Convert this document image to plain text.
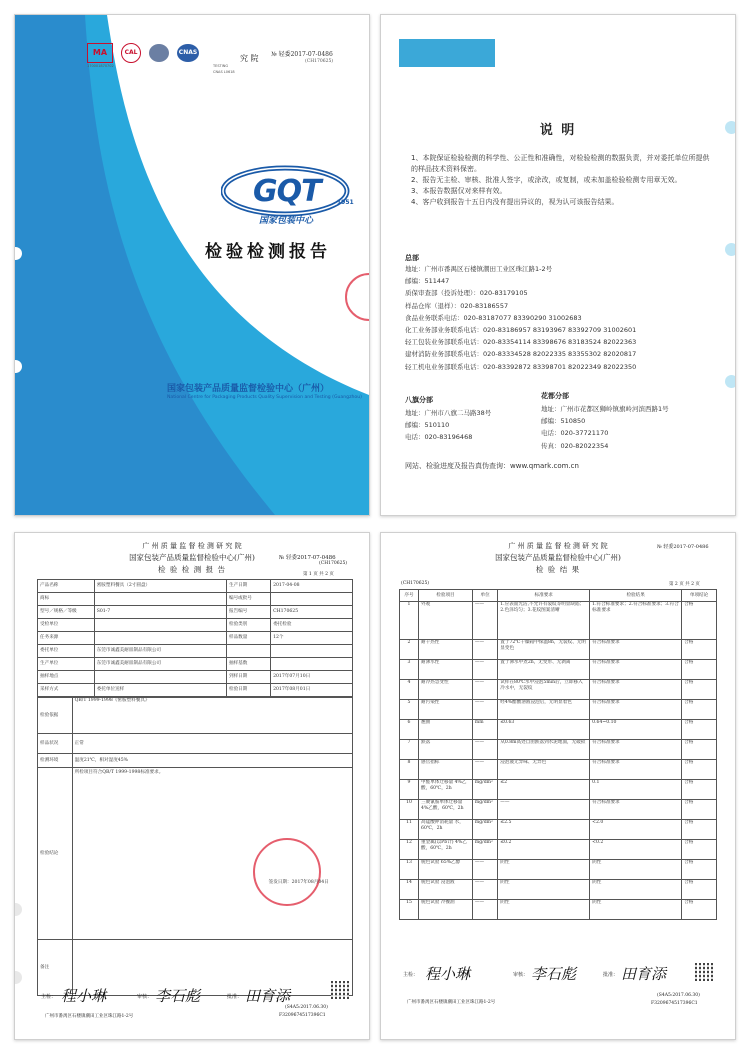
MA	CAL	CNAS
170001870702	TESTING
CNAS L0618
究 院 № 轻委2017-07-0486
(CH170625)
GQT	1951
国家包装中心
检验检测报告
国家包装产品质量监督检验中心（广州）
National Centre for Packaging Products Quality Supervision and Testing (Guangzhou)
说 明
1、本院保证检验检测的科学性、公正性和准确性，对检验检测的数据负责，并对委托单位所提供的样品技术资料保密。
2、报告无主检、审核、批准人签字，或涂改，或复制，或未加盖检验检测专用章无效。
3、本报告数据仅对来样有效。
4、客户收到报告十五日内没有提出异议的，视为认可该报告结果。
总部
地址：广州市番禺区石楼镇潮田工业区珠江路1-2号
邮编：511447
质保审查部（投诉处理）：020-83179105
样品仓库（退样）：020-83186557
食品业务联系电话：020-83187077 83390290 31002683
化工业务部业务联系电话：020-83186957 83193967 83392709 31002601
轻工包装业务部联系电话：020-83354114 83398676 83183524 82022363
建材消防业务部联系电话：020-83334528 82022335 83355302 82020817
轻工机电业务部联系电话：020-83392872 83398701 82022349 82022350
八旗分部
地址：广州市八旗二马路38号
邮编：510110
电话：020-83196468
花都分部
地址：广州市花都区狮岭镇旗岭河滨西路1号
邮编：510850
电话：020-37721170
传真：020-82022354
网站、检验进度及报告真伪查询：www.qmark.com.cn
广 州 质 量 监 督 检 测 研 究 院
国家包装产品质量监督检验中心(广州)
检 验 检 测 报 告
№ 轻委2017-07-0486
(CH170625)
第 1 页 共 2 页
产品名称	密胺塑料餐具（2寸圆盘）	生产日期	2017-04-08
商标		编号或批号	
型号／规格／等级	S01-7	报告编号	CH170625
受检单位		检验类别	委托检验
任务来源		样品数量	12个
委托单位	东莞市诚鑫美耐皿制品有限公司		
生产单位	东莞市诚鑫美耐皿制品有限公司	抽样基数	
抽样地点		到样日期	2017年07月10日
采样方式	委托单位送样	检验日期	2017年08月01日
检验依据	QB/T 1999-1998《密胺塑料餐具》
样品状况	正常
检测环境	温度21℃，相对湿度45%
检验结论	所检项目符合QB/T 1999-1998标准要求。
签发日期：2017年08月04日

备注	
主检： 程小琳	审核： 李石彪	批准： 田育添
广州市番禺区石楼镇潮田工业区珠江路1-2号
(S4A5:2017.06.30)
F3209674517396C1
广 州 质 量 监 督 检 测 研 究 院
国家包装产品质量监督检验中心(广州)
检 验 结 果
№ 轻委2017-07-0486
(CH170625)	第 2 页 共 2 页
序号	检验项目	单位	标准要求	检验结果	单项结论
1	外观	——	1.应表面光洁,不允许有裂纹等明显缺陷；2.色泽均匀；3.花纹图案清晰	1.符合标准要求；2.符合标准要求；3.符合标准要求	合格
2	耐干热性	——	置于72℃干燥箱中保温8h，无裂纹、无明显变色	符合标准要求	合格
3	耐沸水性	——	置于沸水中煮2h，无变形、无剥离	符合标准要求	合格
4	耐冷热急变性	——	试样在80℃水中浸泡5min后，立即移入冷水中，无裂纹	符合标准要求	合格
5	耐污染性	——	经4%醋酸溶液浸泡后，无明显着色	符合标准要求	合格
6	翘曲	mm	≤0.63	0.64~0.10	合格
7	跌落	——	从0.8m高处自由跌落到水泥地面，无破损	符合标准要求	合格
8	感官指标	——	浸泡液无异味、无异色	符合标准要求	合格
9	甲醛单体迁移量 4%乙酸，60℃，2h	mg/dm²	≤2	0.1	合格
10	三聚氰胺单体迁移量 4%乙酸，60℃，2h	mg/dm²	——	符合标准要求	合格
11	高锰酸钾消耗量 水，60℃，2h	mg/dm²	≤2.5	<2.0	合格
12	重金属(以Pb计) 4%乙酸，60℃，2h	mg/dm²	≤0.2	<0.2	合格
13	脱色试验 65%乙醇	——	阴性	阴性	合格
14	脱色试验 浸泡液	——	阴性	阴性	合格
15	脱色试验 冷餐油	——	阴性	阴性	合格
主检： 程小琳	审核： 李石彪	批准： 田育添
广州市番禺区石楼镇潮田工业区珠江路1-2号
(S4A5:2017.06.30)
F3209674517396C1
